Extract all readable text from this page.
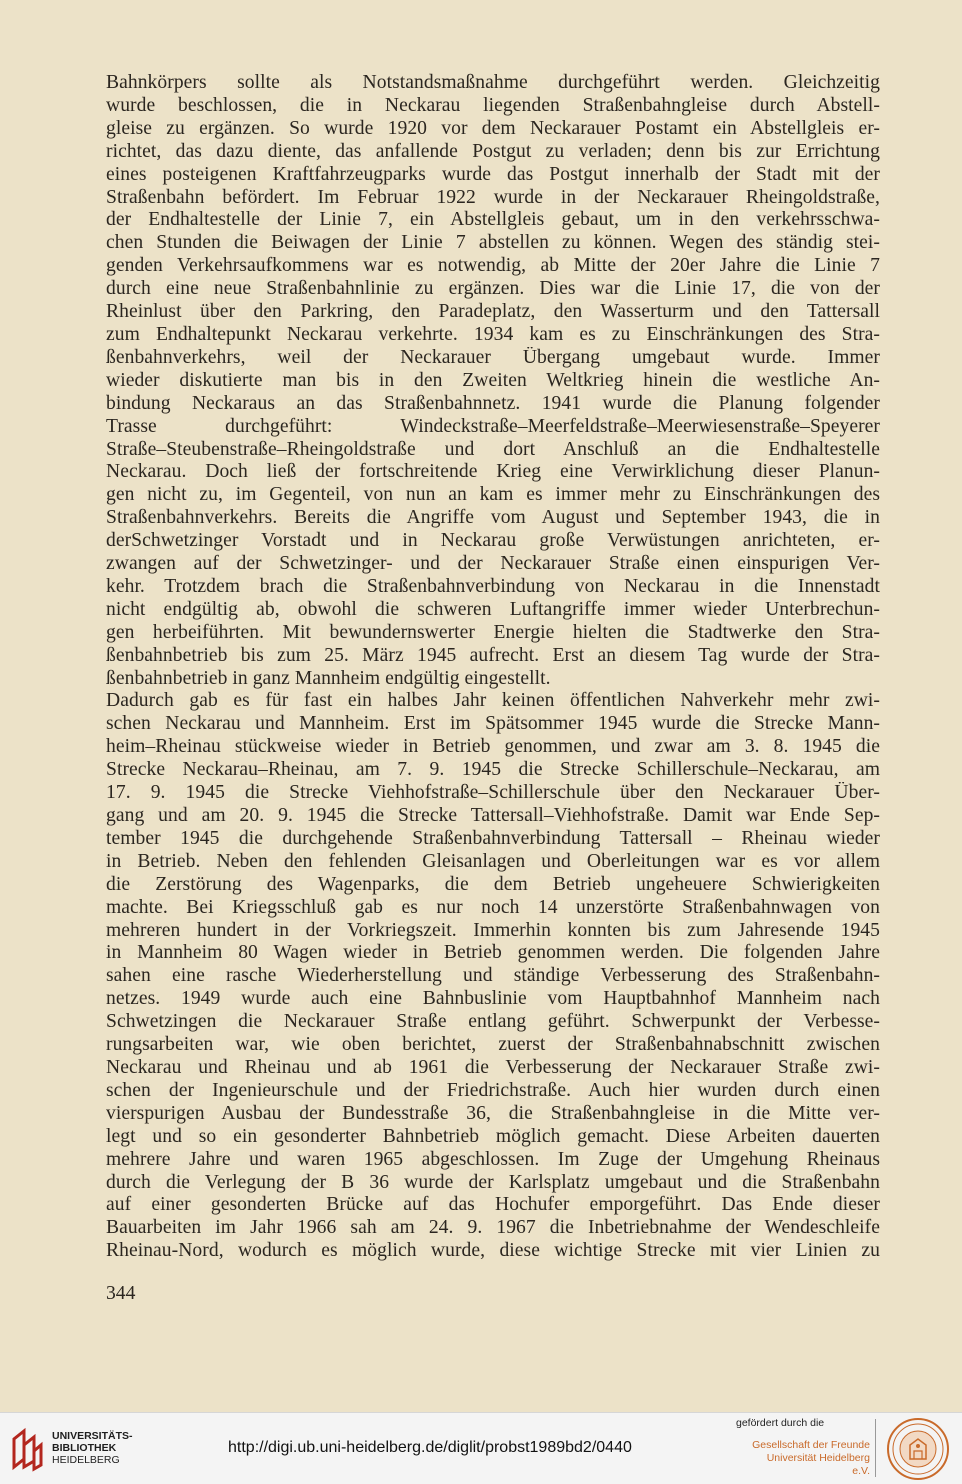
Bahnkörpers sollte als Notstandsmaßnahme durchgeführt werden. Gleichzeitig
wurde beschlossen, die in Neckarau liegenden Straßenbahngleise durch Abstell-
gleise zu ergänzen. So wurde 1920 vor dem Neckarauer Postamt ein Abstellgleis er-
richtet, das dazu diente, das anfallende Postgut zu verladen; denn bis zur Errichtung
eines posteigenen Kraftfahrzeugparks wurde das Postgut innerhalb der Stadt mit der
Straßenbahn befördert. Im Februar 1922 wurde in der Neckarauer Rheingoldstraße,
der Endhaltestelle der Linie 7, ein Abstellgleis gebaut, um in den verkehrsschwa-
chen Stunden die Beiwagen der Linie 7 abstellen zu können. Wegen des ständig stei-
genden Verkehrsaufkommens war es notwendig, ab Mitte der 20er Jahre die Linie 7
durch eine neue Straßenbahnlinie zu ergänzen. Dies war die Linie 17, die von der
Rheinlust über den Parkring, den Paradeplatz, den Wasserturm und den Tattersall
zum Endhaltepunkt Neckarau verkehrte. 1934 kam es zu Einschränkungen des Stra-
ßenbahnverkehrs, weil der Neckarauer Übergang umgebaut wurde. Immer
wieder diskutierte man bis in den Zweiten Weltkrieg hinein die westliche An-
bindung Neckaraus an das Straßenbahnnetz. 1941 wurde die Planung folgender
Trasse durchgeführt: Windeckstraße–Meerfeldstraße–Meerwiesenstraße–Speyerer
Straße–Steubenstraße–Rheingoldstraße und dort Anschluß an die Endhaltestelle
Neckarau. Doch ließ der fortschreitende Krieg eine Verwirklichung dieser Planun-
gen nicht zu, im Gegenteil, von nun an kam es immer mehr zu Einschränkungen des
Straßenbahnverkehrs. Bereits die Angriffe vom August und September 1943, die in
derSchwetzinger Vorstadt und in Neckarau große Verwüstungen anrichteten, er-
zwangen auf der Schwetzinger- und der Neckarauer Straße einen einspurigen Ver-
kehr. Trotzdem brach die Straßenbahnverbindung von Neckarau in die Innenstadt
nicht endgültig ab, obwohl die schweren Luftangriffe immer wieder Unterbrechun-
gen herbeiführten. Mit bewundernswerter Energie hielten die Stadtwerke den Stra-
ßenbahnbetrieb bis zum 25. März 1945 aufrecht. Erst an diesem Tag wurde der Stra-
ßenbahnbetrieb in ganz Mannheim endgültig eingestellt.
Dadurch gab es für fast ein halbes Jahr keinen öffentlichen Nahverkehr mehr zwi-
schen Neckarau und Mannheim. Erst im Spätsommer 1945 wurde die Strecke Mann-
heim–Rheinau stückweise wieder in Betrieb genommen, und zwar am 3. 8. 1945 die
Strecke Neckarau–Rheinau, am 7. 9. 1945 die Strecke Schillerschule–Neckarau, am
17. 9. 1945 die Strecke Viehhofstraße–Schillerschule über den Neckarauer Über-
gang und am 20. 9. 1945 die Strecke Tattersall–Viehhofstraße. Damit war Ende Sep-
tember 1945 die durchgehende Straßenbahnverbindung Tattersall – Rheinau wieder
in Betrieb. Neben den fehlenden Gleisanlagen und Oberleitungen war es vor allem
die Zerstörung des Wagenparks, die dem Betrieb ungeheuere Schwierigkeiten
machte. Bei Kriegsschluß gab es nur noch 14 unzerstörte Straßenbahnwagen von
mehreren hundert in der Vorkriegszeit. Immerhin konnten bis zum Jahresende 1945
in Mannheim 80 Wagen wieder in Betrieb genommen werden. Die folgenden Jahre
sahen eine rasche Wiederherstellung und ständige Verbesserung des Straßenbahn-
netzes. 1949 wurde auch eine Bahnbuslinie vom Hauptbahnhof Mannheim nach
Schwetzingen die Neckarauer Straße entlang geführt. Schwerpunkt der Verbesse-
rungsarbeiten war, wie oben berichtet, zuerst der Straßenbahnabschnitt zwischen
Neckarau und Rheinau und ab 1961 die Verbesserung der Neckarauer Straße zwi-
schen der Ingenieurschule und der Friedrichstraße. Auch hier wurden durch einen
vierspurigen Ausbau der Bundesstraße 36, die Straßenbahngleise in die Mitte ver-
legt und so ein gesonderter Bahnbetrieb möglich gemacht. Diese Arbeiten dauerten
mehrere Jahre und waren 1965 abgeschlossen. Im Zuge der Umgehung Rheinaus
durch die Verlegung der B 36 wurde der Karlsplatz umgebaut und die Straßenbahn
auf einer gesonderten Brücke auf das Hochufer emporgeführt. Das Ende dieser
Bauarbeiten im Jahr 1966 sah am 24. 9. 1967 die Inbetriebnahme der Wendeschleife
Rheinau-Nord, wodurch es möglich wurde, diese wichtige Strecke mit vier Linien zu
344
UNIVERSITÄTS-
BIBLIOTHEK
HEIDELBERG
http://digi.ub.uni-heidelberg.de/diglit/probst1989bd2/0440
gefördert durch die
Gesellschaft der Freunde
Universität Heidelberg e.V.
